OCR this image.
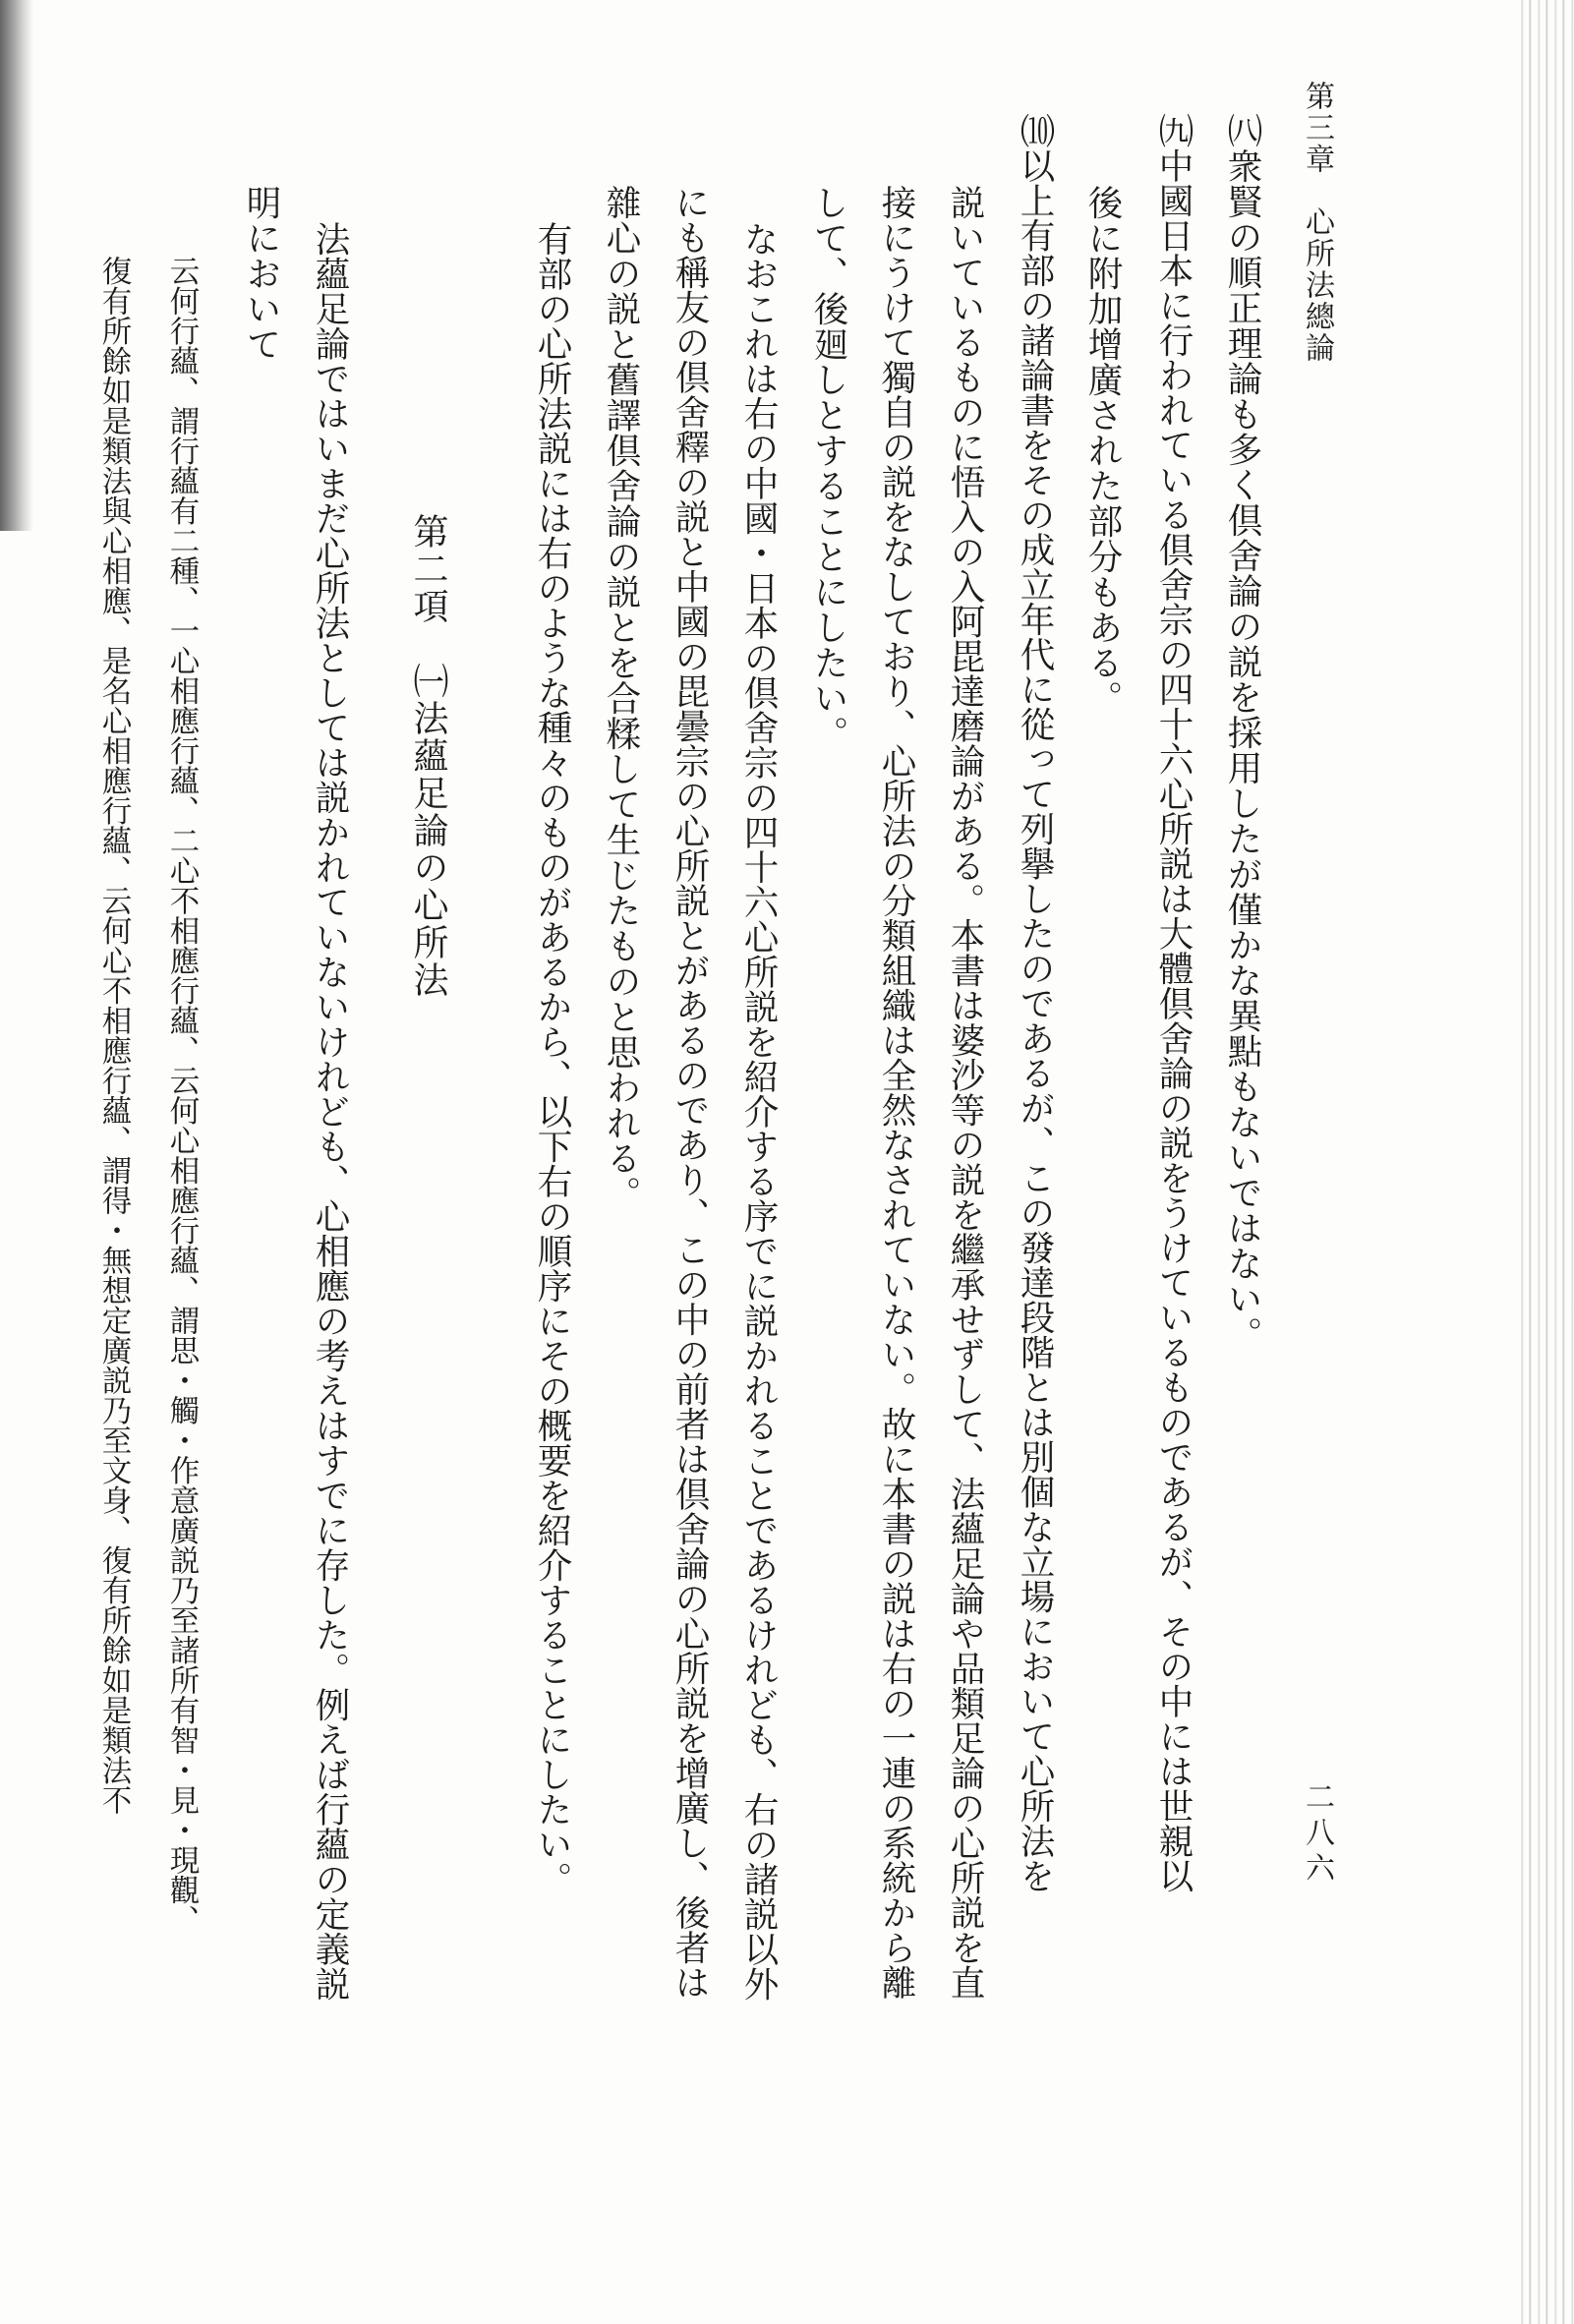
第三章　心所法總論
二八六
㈧衆賢の順正理論も多く倶舍論の説を採用したが僅かな異點もないではない。
㈨中國日本に行われている倶舍宗の四十六心所説は大體倶舍論の説をうけているものであるが、その中には世親以
後に附加增廣された部分もある。
⑽以上有部の諸論書をその成立年代に從って列擧したのであるが、この發達段階とは別個な立場において心所法を
説いているものに悟入の入阿毘達磨論がある。本書は婆沙等の説を繼承せずして、法蘊足論や品類足論の心所説を直
接にうけて獨自の説をなしており、心所法の分類組織は全然なされていない。故に本書の説は右の一連の系統から離
して、後廻しとすることにしたい。
なおこれは右の中國・日本の倶舍宗の四十六心所説を紹介する序でに説かれることであるけれども、右の諸説以外
にも稱友の倶舍釋の説と中國の毘曇宗の心所説とがあるのであり、この中の前者は倶舍論の心所説を增廣し、後者は
雜心の説と舊譯倶舍論の説とを合糅して生じたものと思われる。
有部の心所法説には右のような種々のものがあるから、以下右の順序にその概要を紹介することにしたい。
第二項　㈠法蘊足論の心所法
法蘊足論ではいまだ心所法としては説かれていないけれども、心相應の考えはすでに存した。例えば行蘊の定義説
明において
云何行蘊、謂行蘊有二種、一心相應行蘊、二心不相應行蘊、云何心相應行蘊、謂思・觸・作意廣説乃至諸所有智・見・現觀、
復有所餘如是類法與心相應、是名心相應行蘊、云何心不相應行蘊、謂得・無想定廣説乃至文身、復有所餘如是類法不
